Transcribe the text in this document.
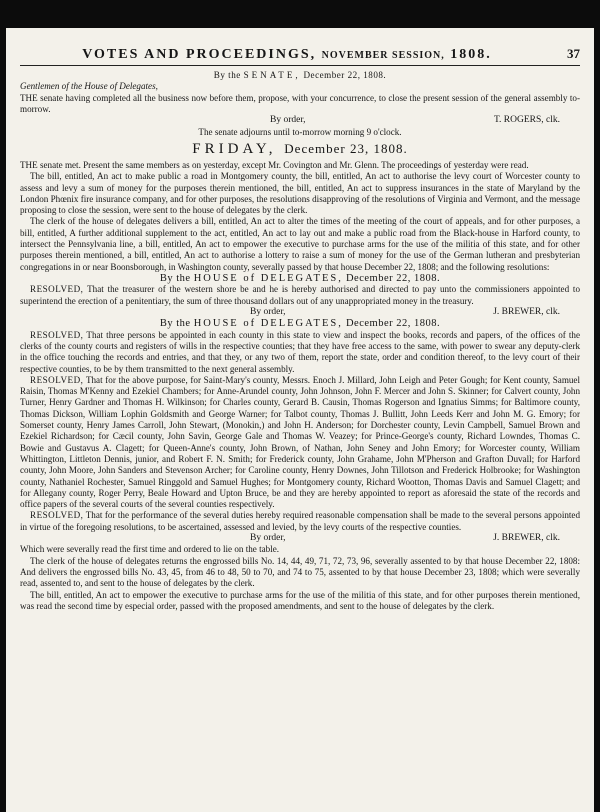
VOTES AND PROCEEDINGS, NOVEMBER SESSION, 1808.	37

By the SENATE, December 22, 1808.

Gentlemen of the House of Delegates,

THE senate having completed all the business now before them, propose, with your concurrence, to close the present session of the general assembly to-morrow.

By order,	T. ROGERS, clk.

The senate adjourns until to-morrow morning 9 o'clock.

FRIDAY, December 23, 1808.

THE senate met. Present the same members as on yesterday, except Mr. Covington and Mr. Glenn. The proceedings of yesterday were read.

The bill, entitled, An act to make public a road in Montgomery county, the bill, entitled, An act to authorise the levy court of Worcester county to assess and levy a sum of money for the purposes therein mentioned, the bill, entitled, An act to suppress insurances in the state of Maryland by the London Phœnix fire insurance company, and for other purposes, the resolutions disapproving of the resolutions of Virginia and Vermont, and the message proposing to close the session, were sent to the house of delegates by the clerk.

The clerk of the house of delegates delivers a bill, entitled, An act to alter the times of the meeting of the court of appeals, and for other purposes, a bill, entitled, A further additional supplement to the act, entitled, An act to lay out and make a public road from the Black-house in Harford county, to intersect the Pennsylvania line, a bill, entitled, An act to empower the executive to purchase arms for the use of the militia of this state, and for other purposes therein mentioned, a bill, entitled, An act to authorise a lottery to raise a sum of money for the use of the German lutheran and presbyterian congregations in or near Boonsborough, in Washington county, severally passed by that house December 22, 1808; and the following resolutions:

By the HOUSE of DELEGATES, December 22, 1808.

RESOLVED, That the treasurer of the western shore be and he is hereby authorised and directed to pay unto the commissioners appointed to superintend the erection of a penitentiary, the sum of three thousand dollars out of any unappropriated money in the treasury.

By order,	J. BREWER, clk.

By the HOUSE of DELEGATES, December 22, 1808.

RESOLVED, That three persons be appointed in each county in this state to view and inspect the books, records and papers, of the offices of the clerks of the county courts and registers of wills in the respective counties; that they have free access to the same, with power to swear any deputy-clerk in the office touching the records and entries, and that they, or any two of them, report the state, order and condition thereof, to the levy court of their respective counties, to be by them transmitted to the next general assembly.

RESOLVED, That for the above purpose, for Saint-Mary's county, Messrs. Enoch J. Millard, John Leigh and Peter Gough; for Kent county, Samuel Raisin, Thomas M'Kenny and Ezekiel Chambers; for Anne-Arundel county, John Johnson, John F. Mercer and John S. Skinner; for Calvert county, John Turner, Henry Gardner and Thomas H. Wilkinson; for Charles county, Gerard B. Causin, Thomas Rogerson and Ignatius Simms; for Baltimore county, Thomas Dickson, William Lophin Goldsmith and George Warner; for Talbot county, Thomas J. Bullitt, John Leeds Kerr and John M. G. Emory; for Somerset county, Henry James Carroll, John Stewart, (Monokin,) and John H. Anderson; for Dorchester county, Levin Campbell, Samuel Brown and Ezekiel Richardson; for Cæcil county, John Savin, George Gale and Thomas W. Veazey; for Prince-George's county, Richard Lowndes, Thomas C. Bowie and Gustavus A. Clagett; for Queen-Anne's county, John Brown, of Nathan, John Seney and John Emory; for Worcester county, William Whittington, Littleton Dennis, junior, and Robert F. N. Smith; for Frederick county, John Grahame, John M'Pherson and Grafton Duvall; for Harford county, John Moore, John Sanders and Stevenson Archer; for Caroline county, Henry Downes, John Tillotson and Frederick Holbrooke; for Washington county, Nathaniel Rochester, Samuel Ringgold and Samuel Hughes; for Montgomery county, Richard Wootton, Thomas Davis and Samuel Clagett; and for Allegany county, Roger Perry, Beale Howard and Upton Bruce, be and they are hereby appointed to report as aforesaid the state of the records and office papers of the several courts of the several counties respectively.

RESOLVED, That for the performance of the several duties hereby required reasonable compensation shall be made to the several persons appointed in virtue of the foregoing resolutions, to be ascertained, assessed and levied, by the levy courts of the respective counties.

By order,	J. BREWER, clk.

Which were severally read the first time and ordered to lie on the table.

The clerk of the house of delegates returns the engrossed bills No. 14, 44, 49, 71, 72, 73, 96, severally assented to by that house December 22, 1808: And delivers the engrossed bills No. 43, 45, from 46 to 48, 50 to 70, and 74 to 75, assented to by that house December 23, 1808; which were severally read, assented to, and sent to the house of delegates by the clerk.

The bill, entitled, An act to empower the executive to purchase arms for the use of the militia of this state, and for other purposes therein mentioned, was read the second time by especial order, passed with the proposed amendments, and sent to the house of delegates by the clerk.
